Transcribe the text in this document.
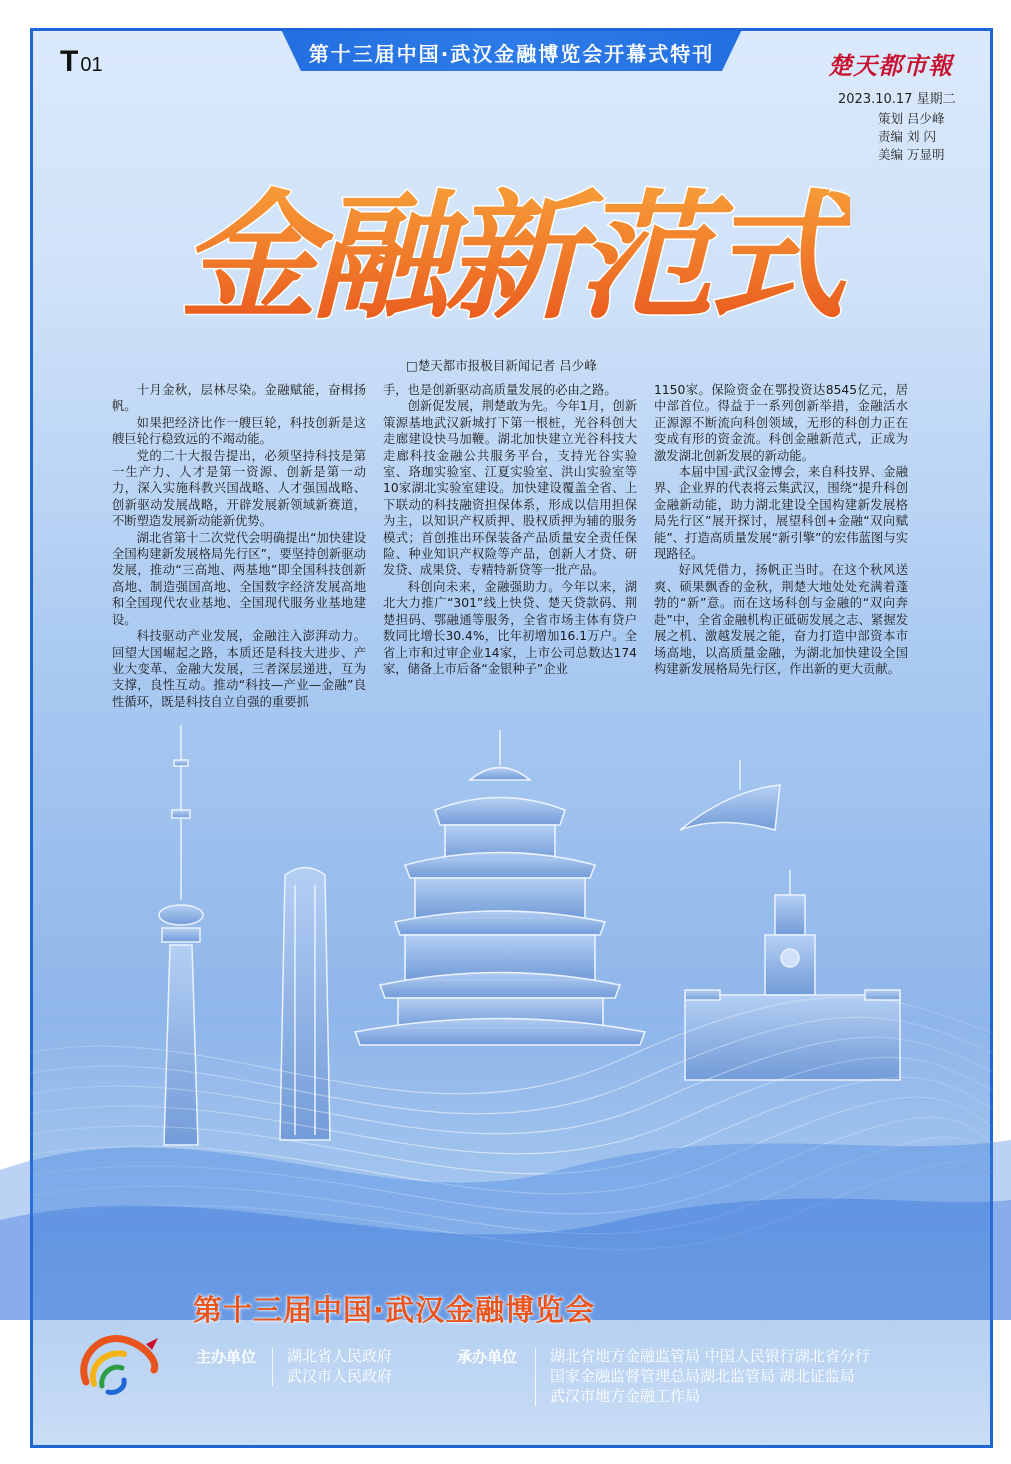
第十三届中国·武汉金融博览会开幕式特刊
T 01	楚天都市報
2023.10.17 星期二
策划 吕少峰
责编 刘 闪
美编 万显明
金融新范式
□楚天都市报极目新闻记者 吕少峰

十月金秋，层林尽染。金融赋能，奋楫扬帆。

如果把经济比作一艘巨轮，科技创新是这艘巨轮行稳致远的不竭动能。

党的二十大报告提出，必须坚持科技是第一生产力、人才是第一资源、创新是第一动力，深入实施科教兴国战略、人才强国战略、创新驱动发展战略，开辟发展新领域新赛道，不断塑造发展新动能新优势。

湖北省第十二次党代会明确提出“加快建设全国构建新发展格局先行区”，要坚持创新驱动发展，推动“三高地、两基地”即全国科技创新高地、制造强国高地、全国数字经济发展高地和全国现代农业基地、全国现代服务业基地建设。

科技驱动产业发展，金融注入澎湃动力。回望大国崛起之路，本质还是科技大进步、产业大变革、金融大发展，三者深层递进，互为支撑，良性互动。推动“科技—产业—金融”良性循环，既是科技自立自强的重要抓

手，也是创新驱动高质量发展的必由之路。

创新促发展，荆楚敢为先。今年1月，创新策源基地武汉新城打下第一根桩，光谷科创大走廊建设快马加鞭。湖北加快建立光谷科技大走廊科技金融公共服务平台，支持光谷实验室、珞珈实验室、江夏实验室、洪山实验室等10家湖北实验室建设。加快建设覆盖全省、上下联动的科技融资担保体系，形成以信用担保为主，以知识产权质押、股权质押为辅的服务模式；首创推出环保装备产品质量安全责任保险、种业知识产权险等产品，创新人才贷、研发贷、成果贷、专精特新贷等一批产品。

科创向未来，金融强助力。今年以来，湖北大力推广“301”线上快贷、楚天贷款码、荆楚担码、鄂融通等服务，全省市场主体有贷户数同比增长30.4%，比年初增加16.1万户。全省上市和过审企业14家，上市公司总数达174家，储备上市后备“金银种子”企业

1150家。保险资金在鄂投资达8545亿元，居中部首位。得益于一系列创新举措，金融活水正源源不断流向科创领域，无形的科创力正在变成有形的资金流。科创金融新范式，正成为激发湖北创新发展的新动能。

本届中国·武汉金博会，来自科技界、金融界、企业界的代表将云集武汉，围绕“提升科创金融新动能，助力湖北建设全国构建新发展格局先行区”展开探讨，展望科创+金融“双向赋能”、打造高质量发展“新引擎”的宏伟蓝图与实现路径。

好风凭借力，扬帆正当时。在这个秋风送爽、硕果飘香的金秋，荆楚大地处处充满着蓬勃的“新”意。而在这场科创与金融的“双向奔赴”中，全省金融机构正砥砺发展之志、紧握发展之机、激越发展之能，奋力打造中部资本市场高地，以高质量金融，为湖北加快建设全国构建新发展格局先行区，作出新的更大贡献。

第十三届中国·武汉金融博览会
主办单位 湖北省人民政府
武汉市人民政府
承办单位 湖北省地方金融监管局 中国人民银行湖北省分行
国家金融监督管理总局湖北监管局 湖北证监局
武汉市地方金融工作局
